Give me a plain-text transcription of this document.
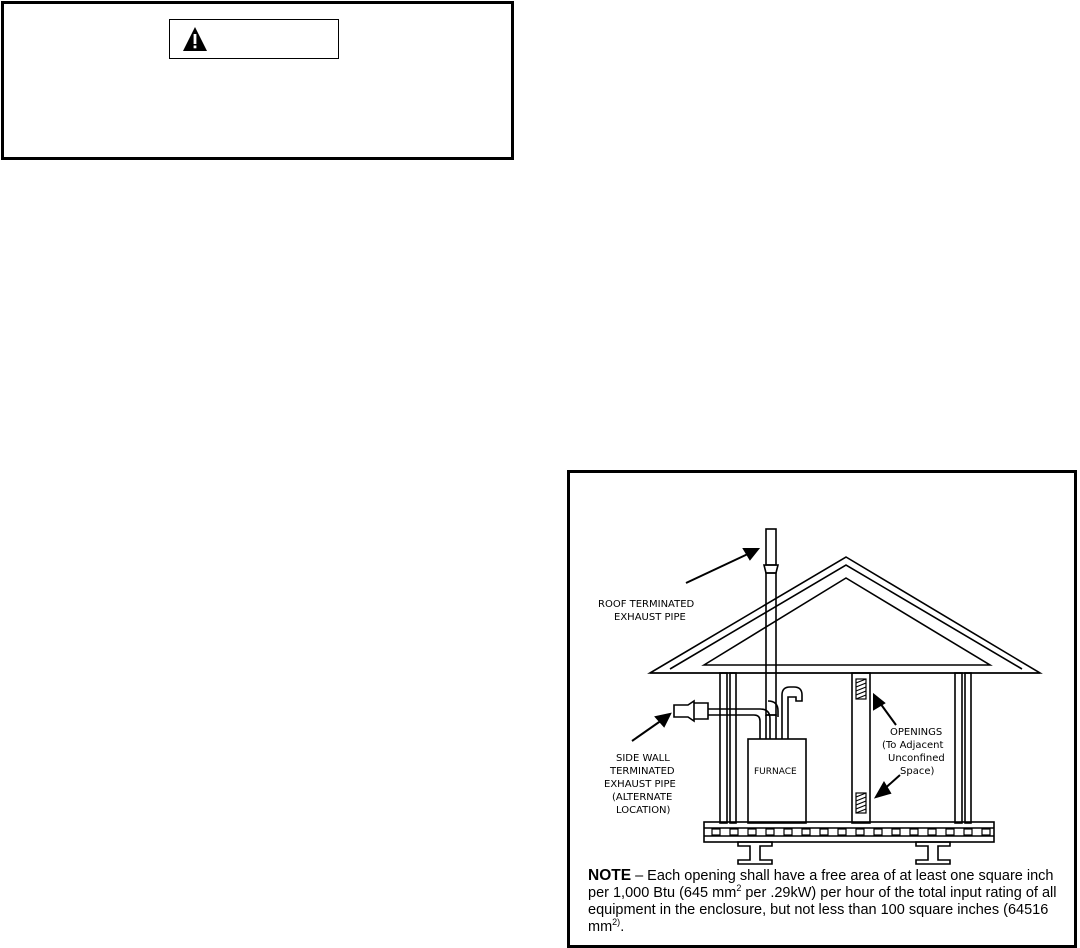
ROOF TERMINATED
EXHAUST PIPE
SIDE WALL
TERMINATED
EXHAUST PIPE
(ALTERNATE
LOCATION)
FURNACE
OPENINGS
(To Adjacent
Unconfined
Space)
NOTE – Each opening shall have a free area of at least one square inch per 1,000 Btu (645 $mm^2$ per .29kW) per hour of the total input rating of all equipment in the enclosure, but not less than 100 square inches (64516 $mm^{2)}$.
